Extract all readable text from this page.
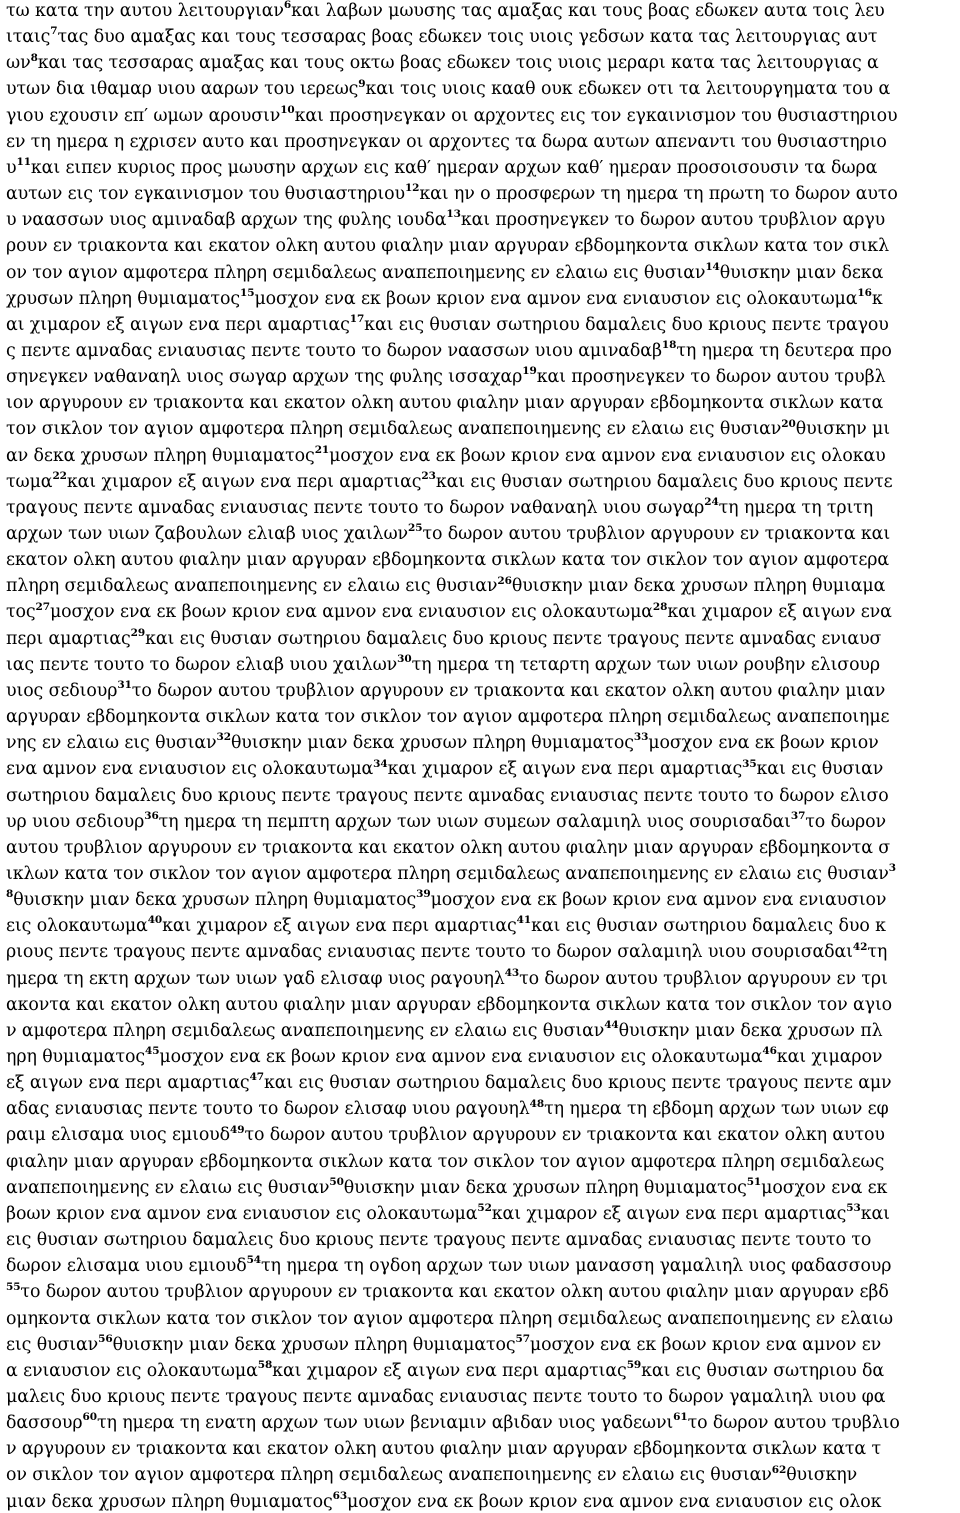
τω κατα την αυτου λειτουργιαν$^6$και λαβων μωυσης τας αμαξας και τους βοας εδωκεν αυτα τοις λευ
ιταις$^7$τας δυο αμαξας και τους τεσσαρας βοας εδωκεν τοις υιοις γεδσων κατα τας λειτουργιας αυτ
$\omega\nu^8\kappa\alpha\iota$ τας τεσσαρας αμαξας και τους οκτω βοας εδωκεν τοις υιοις μεραρι κατα τας λειτουργιας α
υτων δια ιθαμαρ υιου ααρων του ιερεως$^9$και τοις υιοις κααθ ουκ εδωκεν οτι τα λειτουργηματα του α
γιου εχουσιν επ′ ωμων αρουσιν$^{10}$και προσηνεγκαν οι αρχοντες εις τον εγκαινισμον του θυσιαστηριου
εν τη ημερα η εχρισεν αυτο και προσηνεγκαν οι αρχοντες τα δωρα αυτων απεναντι του θυσιαστηριο
$\upsilon^{11}\kappa\alpha\iota$ ειπεν κυριος προς μωυσην αρχων εις καθ′ ημεραν αρχων καθ′ ημεραν προσοισουσιν τα δωρα
αυτων εις τον εγκαινισμον του θυσιαστηριου$^{12}$και ην ο προσφερων τη ημερα τη πρωτη το δωρον αυτο
υ ναασσων υιος αμιναδαβ αρχων της φυλης ιουδα$^{13}$και προσηνεγκεν το δωρον αυτου τρυβλιον αργυ
ρουν εν τριακοντα και εκατον ολκη αυτου φιαλην μιαν αργυραν εβδομηκοντα σικλων κατα τον σικλ
ον τον αγιον αμφοτερα πληρη σεμιδαλεως αναπεποιημενης εν ελαιω εις θυσιαν$^{14}$θυισκην μιαν δεκα
χρυσων πληρη θυμιαματος$^{15}$μοσχον ενα εκ βοων κριον ενα αμνον ενα ενιαυσιον εις ολοκαυτωμα$^{16}$κ
αι χιμαρον εξ αιγων ενα περι αμαρτιας$^{17}$και εις θυσιαν σωτηριου δαμαλεις δυο κριους πεντε τραγου
ς πεντε αμναδας ενιαυσιας πεντε τουτο το δωρον ναασσων υιου αμιναδαβ$^{18}$τη ημερα τη δευτερα προ
σηνεγκεν ναθαναηλ υιος σωγαρ αρχων της φυλης ισσαχαρ$^{19}$και προσηνεγκεν το δωρον αυτου τρυβλ
ιον αργυρουν εν τριακοντα και εκατον ολκη αυτου φιαλην μιαν αργυραν εβδομηκοντα σικλων κατα
τον σικλον τον αγιον αμφοτερα πληρη σεμιδαλεως αναπεποιημενης εν ελαιω εις θυσιαν$^{20}$θυισκην μι
αν δεκα χρυσων πληρη θυμιαματος$^{21}$μοσχον ενα εκ βοων κριον ενα αμνον ενα ενιαυσιον εις ολοκαυ
τωμα$^{22}$και χιμαρον εξ αιγων ενα περι αμαρτιας$^{23}$και εις θυσιαν σωτηριου δαμαλεις δυο κριους πεντε
τραγους πεντε αμναδας ενιαυσιας πεντε τουτο το δωρον ναθαναηλ υιου σωγαρ$^{24}$τη ημερα τη τριτη
αρχων των υιων ζαβουλων ελιαβ υιος χαιλων$^{25}$το δωρον αυτου τρυβλιον αργυρουν εν τριακοντα και
εκατον ολκη αυτου φιαλην μιαν αργυραν εβδομηκοντα σικλων κατα τον σικλον τον αγιον αμφοτερα
πληρη σεμιδαλεως αναπεποιημενης εν ελαιω εις θυσιαν$^{26}$θυισκην μιαν δεκα χρυσων πληρη θυμιαμα
τος$^{27}$μοσχον ενα εκ βοων κριον ενα αμνον ενα ενιαυσιον εις ολοκαυτωμα$^{28}$και χιμαρον εξ αιγων ενα
περι αμαρτιας$^{29}$και εις θυσιαν σωτηριου δαμαλεις δυο κριους πεντε τραγους πεντε αμναδας ενιαυσ
ιας πεντε τουτο το δωρον ελιαβ υιου χαιλων$^{30}$τη ημερα τη τεταρτη αρχων των υιων ρουβην ελισουρ
υιος σεδιουρ$^{31}$το δωρον αυτου τρυβλιον αργυρουν εν τριακοντα και εκατον ολκη αυτου φιαλην μιαν
αργυραν εβδομηκοντα σικλων κατα τον σικλον τον αγιον αμφοτερα πληρη σεμιδαλεως αναπεποιημε
νης εν ελαιω εις θυσιαν$^{32}$θυισκην μιαν δεκα χρυσων πληρη θυμιαματος$^{33}$μοσχον ενα εκ βοων κριον
ενα αμνον ενα ενιαυσιον εις ολοκαυτωμα$^{34}$και χιμαρον εξ αιγων ενα περι αμαρτιας$^{35}$και εις θυσιαν
σωτηριου δαμαλεις δυο κριους πεντε τραγους πεντε αμναδας ενιαυσιας πεντε τουτο το δωρον ελισο
υρ υιου σεδιουρ$^{36}$τη ημερα τη πεμπτη αρχων των υιων συμεων σαλαμιηλ υιος σουρισαδαι$^{37}$το δωρον
αυτου τρυβλιον αργυρουν εν τριακοντα και εκατον ολκη αυτου φιαλην μιαν αργυραν εβδομηκοντα σ
ικλων κατα τον σικλον τον αγιον αμφοτερα πληρη σεμιδαλεως αναπεποιημενης εν ελαιω εις θυσιαν$^3$
$^8$θυισκην μιαν δεκα χρυσων πληρη θυμιαματος$^{39}$μοσχον ενα εκ βοων κριον ενα αμνον ενα ενιαυσιον
εις ολοκαυτωμα$^{40}$και χιμαρον εξ αιγων ενα περι αμαρτιας$^{41}$και εις θυσιαν σωτηριου δαμαλεις δυο κ
ριους πεντε τραγους πεντε αμναδας ενιαυσιας πεντε τουτο το δωρον σαλαμιηλ υιου σουρισαδαι$^{42}$τη
ημερα τη εκτη αρχων των υιων γαδ ελισαφ υιος ραγουηλ$^{43}$το δωρον αυτου τρυβλιον αργυρουν εν τρι
ακοντα και εκατον ολκη αυτου φιαλην μιαν αργυραν εβδομηκοντα σικλων κατα τον σικλον τον αγιο
ν αμφοτερα πληρη σεμιδαλεως αναπεποιημενης εν ελαιω εις θυσιαν$^{44}$θυισκην μιαν δεκα χρυσων πλ
ηρη θυμιαματος$^{45}$μοσχον ενα εκ βοων κριον ενα αμνον ενα ενιαυσιον εις ολοκαυτωμα$^{46}$και χιμαρον
εξ αιγων ενα περι αμαρτιας$^{47}$και εις θυσιαν σωτηριου δαμαλεις δυο κριους πεντε τραγους πεντε αμν
αδας ενιαυσιας πεντε τουτο το δωρον ελισαφ υιου ραγουηλ$^{48}$τη ημερα τη εβδομη αρχων των υιων εφ
ραιμ ελισαμα υιος εμιουδ$^{49}$το δωρον αυτου τρυβλιον αργυρουν εν τριακοντα και εκατον ολκη αυτου
φιαλην μιαν αργυραν εβδομηκοντα σικλων κατα τον σικλον τον αγιον αμφοτερα πληρη σεμιδαλεως
αναπεποιημενης εν ελαιω εις θυσιαν$^{50}$θυισκην μιαν δεκα χρυσων πληρη θυμιαματος$^{51}$μοσχον ενα εκ
βοων κριον ενα αμνον ενα ενιαυσιον εις ολοκαυτωμα$^{52}$και χιμαρον εξ αιγων ενα περι αμαρτιας$^{53}$και
εις θυσιαν σωτηριου δαμαλεις δυο κριους πεντε τραγους πεντε αμναδας ενιαυσιας πεντε τουτο το
δωρον ελισαμα υιου εμιουδ$^{54}$τη ημερα τη ογδοη αρχων των υιων μανασση γαμαλιηλ υιος φαδασσουρ
$^{55}$το δωρον αυτου τρυβλιον αργυρουν εν τριακοντα και εκατον ολκη αυτου φιαλην μιαν αργυραν εβδ
ομηκοντα σικλων κατα τον σικλον τον αγιον αμφοτερα πληρη σεμιδαλεως αναπεποιημενης εν ελαιω
εις θυσιαν$^{56}$θυισκην μιαν δεκα χρυσων πληρη θυμιαματος$^{57}$μοσχον ενα εκ βοων κριον ενα αμνον εν
α ενιαυσιον εις ολοκαυτωμα$^{58}$και χιμαρον εξ αιγων ενα περι αμαρτιας$^{59}$και εις θυσιαν σωτηριου δα
μαλεις δυο κριους πεντε τραγους πεντε αμναδας ενιαυσιας πεντε τουτο το δωρον γαμαλιηλ υιου φα
δασσουρ$^{60}$τη ημερα τη ενατη αρχων των υιων βενιαμιν αβιδαν υιος γαδεωνι$^{61}$το δωρον αυτου τρυβλιο
ν αργυρουν εν τριακοντα και εκατον ολκη αυτου φιαλην μιαν αργυραν εβδομηκοντα σικλων κατα τ
ον σικλον τον αγιον αμφοτερα πληρη σεμιδαλεως αναπεποιημενης εν ελαιω εις θυσιαν$^{62}$θυισκην
μιαν δεκα χρυσων πληρη θυμιαματος$^{63}$μοσχον ενα εκ βοων κριον ενα αμνον ενα ενιαυσιον εις ολοκ
